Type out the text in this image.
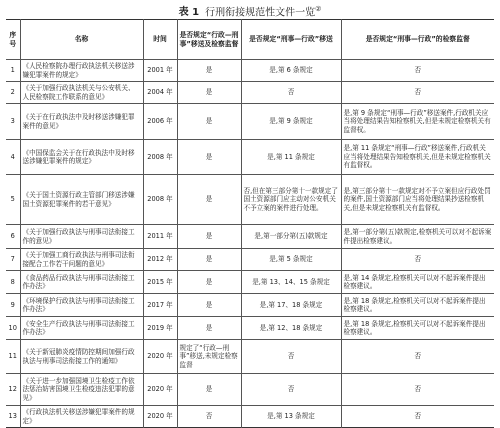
表 1 行刑衔接规范性文件一览②
序号	名称	时间	是否规定“行政—刑事”移送及检察监督	是否规定“刑事—行政”移送	是否规定“刑事—行政”的检察监督
1	《人民检察院办理行政执法机关移送涉嫌犯罪案件的规定》	2001 年	是	是,第 6 条规定	否
2	《关于加强行政执法机关与公安机关、人民检察院工作联系的意见》	2004 年	是	否	否
3	《关于在行政执法中及时移送涉嫌犯罪案件的意见》	2006 年	是	是,第 9 条规定	是,第 9 条规定“刑事—行政”移送案件,行政机关应当将处理结果告知检察机关,但是未规定检察机关有监督权。
4	《中国保监会关于在行政执法中及时移送涉嫌犯罪案件的规定》	2008 年	是	是,第 11 条规定	是,第 11 条规定“刑事—行政”移送案件,行政机关应当将处理结果告知检察机关,但是未规定检察机关有监督权。
5	《关于国土资源行政主管部门移送涉嫌国土资源犯罪案件的若干意见》	2008 年	是	否,但在第三部分第十一款规定了国土资源部门应主动对公安机关不予立案的案件进行处理。	是,第三部分第十一款规定对不予立案但应行政处罚的案件,国土资源部门应当将处理结果抄送检察机关,但是未规定检察机关有监督权。
6	《关于加强行政执法与刑事司法衔接工作的意见》	2011 年	是	是,第一部分第(五)款规定	是,第一部分第(五)款规定,检察机关可以对不起诉案件提出检察建议。
7	《关于加强工商行政执法与刑事司法衔接配合工作若干问题的意见》	2012 年	是	是,第 5 条规定	否
8	《食品药品行政执法与刑事司法衔接工作办法》	2015 年	是	是,第 13、14、15 条规定	是,第 14 条规定,检察机关可以对不起诉案件提出检察建议。
9	《环境保护行政执法与刑事司法衔接工作办法》	2017 年	是	是,第 17、18 条规定	是,第 18 条规定,检察机关可以对不起诉案件提出检察建议。
10	《安全生产行政执法与刑事司法衔接工作办法》	2019 年	是	是,第 12、18 条规定	是,第 18 条规定,检察机关可以对不起诉案件提出检察建议。
11	《关于新冠肺炎疫情防控期间加强行政执法与刑事司法衔接工作的通知》	2020 年	规定了“行政—刑事”移送,未规定检察监督	否	否
12	《关于进一步加强国境卫生检疫工作依法惩治妨害国境卫生检疫违法犯罪的意见》	2020 年	是	否	否
13	《行政执法机关移送涉嫌犯罪案件的规定》	2020 年	否	是,第 13 条规定	否
